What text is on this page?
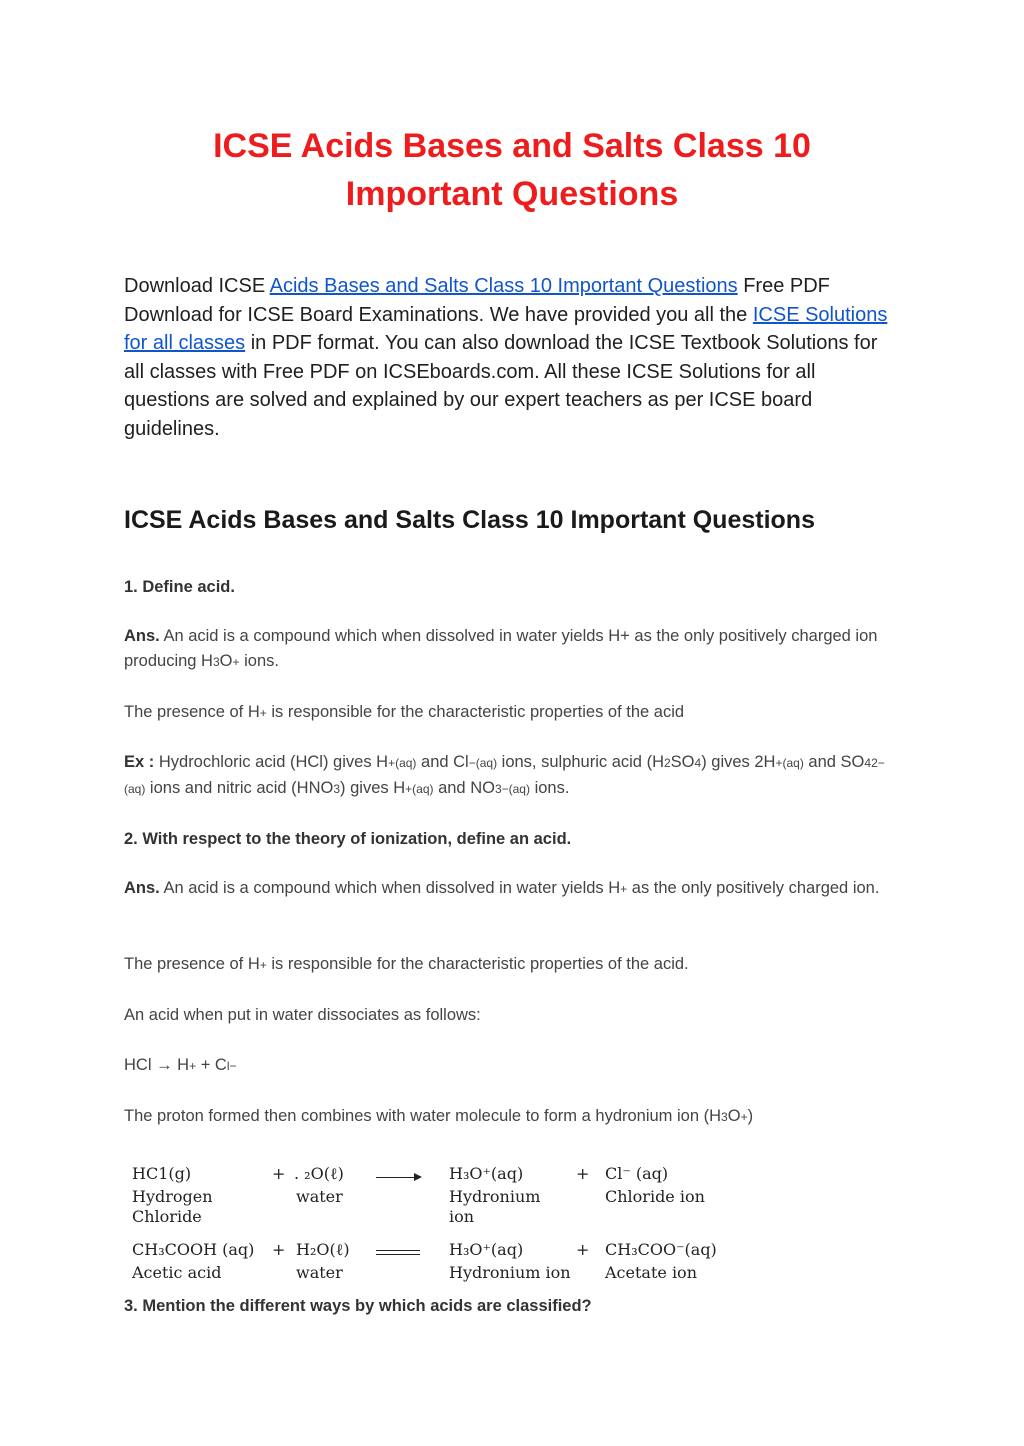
ICSE Acids Bases and Salts Class 10
Important Questions

Download ICSE Acids Bases and Salts Class 10 Important Questions Free PDF Download for ICSE Board Examinations. We have provided you all the ICSE Solutions for all classes in PDF format. You can also download the ICSE Textbook Solutions for all classes with Free PDF on ICSEboards.com. All these ICSE Solutions for all questions are solved and explained by our expert teachers as per ICSE board guidelines.

ICSE Acids Bases and Salts Class 10 Important Questions

1. Define acid.

Ans. An acid is a compound which when dissolved in water yields H+ as the only positively charged ion producing H3O+ ions.

The presence of H+ is responsible for the characteristic properties of the acid

Ex : Hydrochloric acid (HCl) gives H+(aq) and Cl−(aq) ions, sulphuric acid (H2SO4) gives 2H+(aq) and SO42−(aq) ions and nitric acid (HNO3) gives H+(aq) and NO3−(aq) ions.

2. With respect to the theory of ionization, define an acid.

Ans. An acid is a compound which when dissolved in water yields H+ as the only positively charged ion.

The presence of H+ is responsible for the characteristic properties of the acid.

An acid when put in water dissociates as follows:

HCl → H+ + Cl−

The proton formed then combines with water molecule to form a hydronium ion (H3O+)

3. Mention the different ways by which acids are classified?

HC1(g)
Hydrogen
Chloride
+ . ₂O(ℓ)
water
H₃O⁺(aq)
Hydronium
ion
+ Cl⁻ (aq)
Chloride ion
CH₃COOH (aq)
Acetic acid
+ H₂O(ℓ)
water
H₃O⁺(aq)
Hydronium ion
+ CH₃COO⁻(aq)
Acetate ion
